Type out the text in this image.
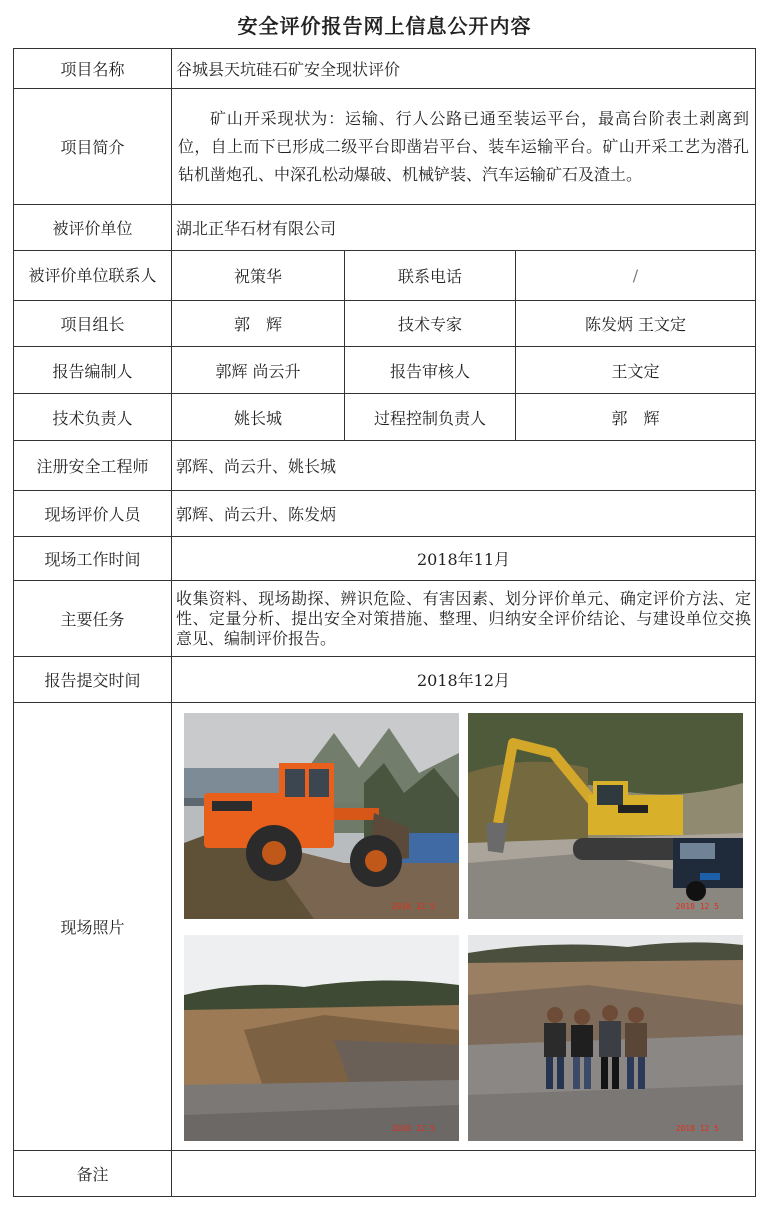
安全评价报告网上信息公开内容
项目名称	谷城县天坑硅石矿安全现状评价		
项目简介	矿山开采现状为：运输、行人公路已通至装运平台，最高台阶表土剥离到位，自上而下已形成二级平台即凿岩平台、装车运输平台。矿山开采工艺为潜孔钻机凿炮孔、中深孔松动爆破、机械铲装、汽车运输矿石及渣土。		

被评价单位	湖北正华石材有限公司		
被评价单位联系人	祝策华	联系电话	/
项目组长	郭　辉	技术专家	陈发炳 王文定
报告编制人	郭辉 尚云升	报告审核人	王文定
技术负责人	姚长城	过程控制负责人	郭　辉
注册安全工程师	郭辉、尚云升、姚长城		
现场评价人员	郭辉、尚云升、陈发炳		
现场工作时间	2018年11月		
主要任务	收集资料、现场勘探、辨识危险、有害因素、划分评价单元、确定评价方法、定性、定量分析、提出安全对策措施、整理、归纳安全评价结论、与建设单位交换意见、编制评价报告。		

报告提交时间	2018年12月		
现场照片	2018 12 5 2018 12 5
2018 12 5 2018 12 5		

备注			
